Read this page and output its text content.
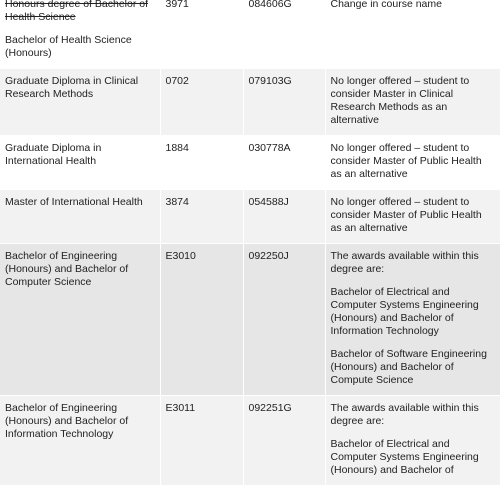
Honours degree of Bachelor of Health Science

Bachelor of Health Science (Honours)	3971	084606G	Change in course name

Graduate Diploma in Clinical Research Methods	0702	079103G	No longer offered – student to consider Master in Clinical Research Methods as an alternative

Graduate Diploma in International Health	1884	030778A	No longer offered – student to consider Master of Public Health as an alternative

Master of International Health	3874	054588J	No longer offered – student to consider Master of Public Health as an alternative

Bachelor of Engineering (Honours) and Bachelor of Computer Science	E3010	092250J	The awards available within this degree are:

Bachelor of Electrical and Computer Systems Engineering (Honours) and Bachelor of Information Technology

Bachelor of Software Engineering (Honours) and Bachelor of Compute Science

Bachelor of Engineering (Honours) and Bachelor of Information Technology	E3011	092251G	The awards available within this degree are:

Bachelor of Electrical and Computer Systems Engineering (Honours) and Bachelor of
